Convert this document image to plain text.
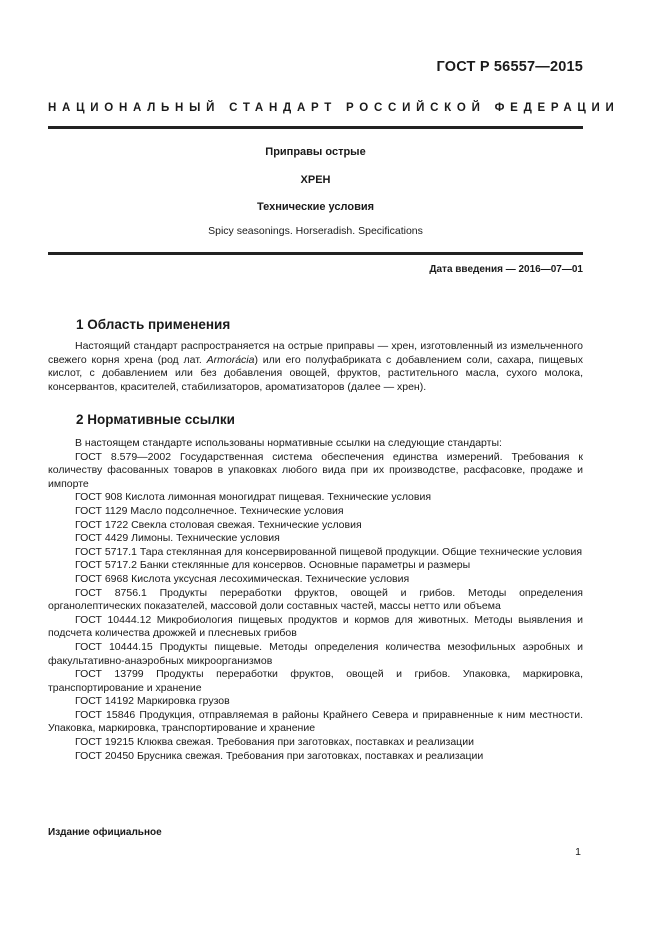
ГОСТ Р 56557—2015
НАЦИОНАЛЬНЫЙ СТАНДАРТ РОССИЙСКОЙ ФЕДЕРАЦИИ
Приправы острые
ХРЕН
Технические условия
Spicy seasonings. Horseradish. Specifications
Дата введения — 2016—07—01
1 Область применения

Настоящий стандарт распространяется на острые приправы — хрен, изготовленный из измельченного свежего корня хрена (род лат. Armorácia) или его полуфабриката с добавлением соли, сахара, пищевых кислот, с добавлением или без добавления овощей, фруктов, растительного масла, сухого молока, консервантов, красителей, стабилизаторов, ароматизаторов (далее — хрен).

2 Нормативные ссылки

В настоящем стандарте использованы нормативные ссылки на следующие стандарты:

ГОСТ 8.579—2002 Государственная система обеспечения единства измерений. Требования к количеству фасованных товаров в упаковках любого вида при их производстве, расфасовке, продаже и импорте
ГОСТ 908 Кислота лимонная моногидрат пищевая. Технические условия
ГОСТ 1129 Масло подсолнечное. Технические условия
ГОСТ 1722 Свекла столовая свежая. Технические условия
ГОСТ 4429 Лимоны. Технические условия
ГОСТ 5717.1 Тара стеклянная для консервированной пищевой продукции. Общие технические условия
ГОСТ 5717.2 Банки стеклянные для консервов. Основные параметры и размеры
ГОСТ 6968 Кислота уксусная лесохимическая. Технические условия
ГОСТ 8756.1 Продукты переработки фруктов, овощей и грибов. Методы определения органолептических показателей, массовой доли составных частей, массы нетто или объема
ГОСТ 10444.12 Микробиология пищевых продуктов и кормов для животных. Методы выявления и подсчета количества дрожжей и плесневых грибов
ГОСТ 10444.15 Продукты пищевые. Методы определения количества мезофильных аэробных и факультативно-анаэробных микроорганизмов
ГОСТ 13799 Продукты переработки фруктов, овощей и грибов. Упаковка, маркировка, транспортирование и хранение
ГОСТ 14192 Маркировка грузов
ГОСТ 15846 Продукция, отправляемая в районы Крайнего Севера и приравненные к ним местности. Упаковка, маркировка, транспортирование и хранение
ГОСТ 19215 Клюква свежая. Требования при заготовках, поставках и реализации
ГОСТ 20450 Брусника свежая. Требования при заготовках, поставках и реализации
Издание официальное
1
